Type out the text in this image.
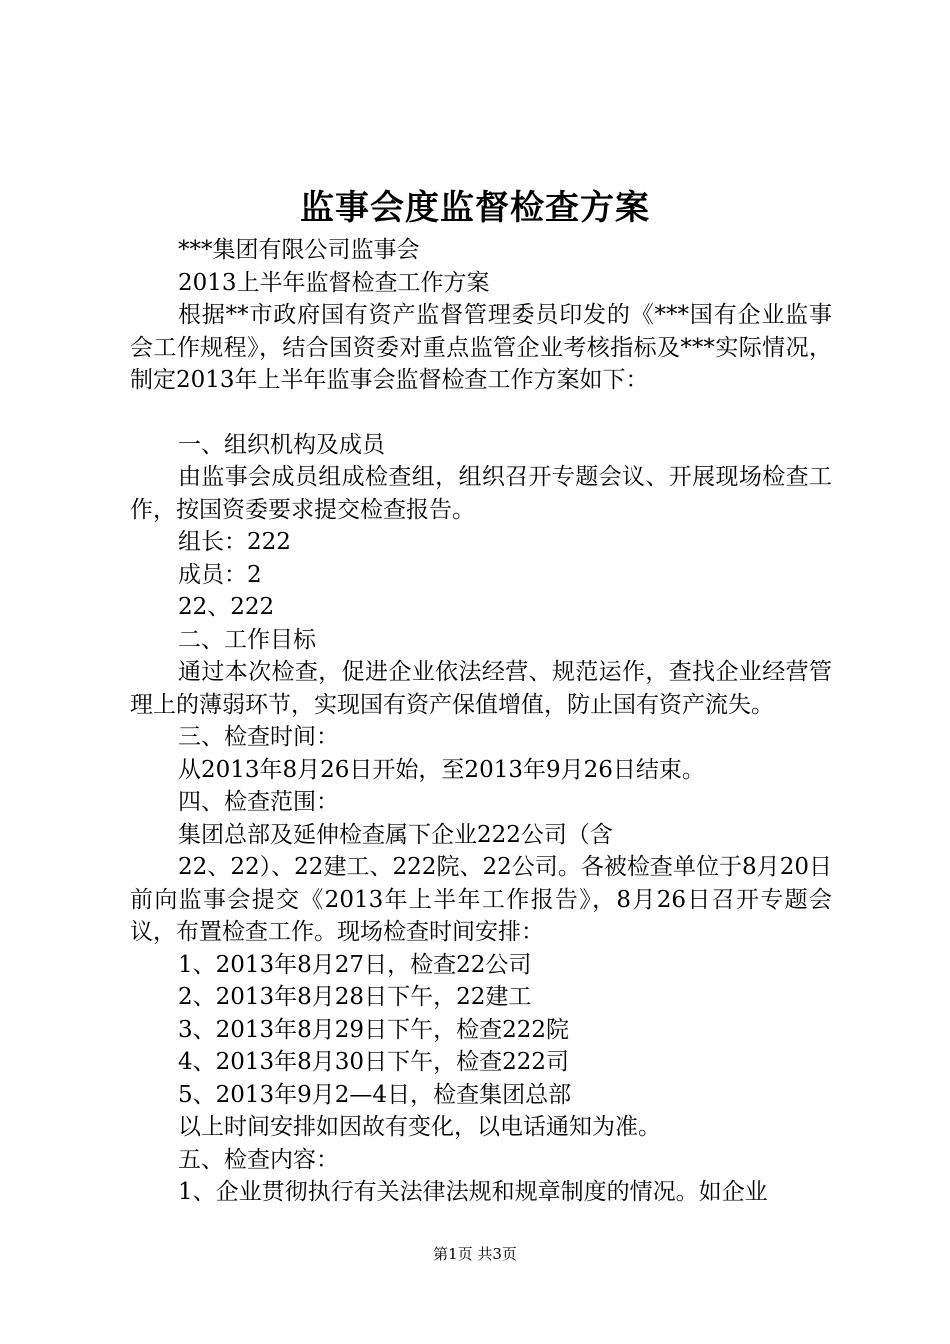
监事会度监督检查方案

***集团有限公司监事会

2013上半年监督检查工作方案

根据**市政府国有资产监督管理委员印发的《***国有企业监事会工作规程》，结合国资委对重点监管企业考核指标及***实际情况，制定2013年上半年监事会监督检查工作方案如下：

一、组织机构及成员

由监事会成员组成检查组，组织召开专题会议、开展现场检查工作，按国资委要求提交检查报告。

组长：222

成员：2

22、222

二、工作目标

通过本次检查，促进企业依法经营、规范运作，查找企业经营管理上的薄弱环节，实现国有资产保值增值，防止国有资产流失。

三、检查时间：

从2013年8月26日开始，至2013年9月26日结束。

四、检查范围：

集团总部及延伸检查属下企业222公司（含

22、22）、22建工、222院、22公司。各被检查单位于8月20日前向监事会提交《2013年上半年工作报告》，8月26日召开专题会议，布置检查工作。现场检查时间安排：

1、2013年8月27日，检查22公司

2、2013年8月28日下午，22建工

3、2013年8月29日下午，检查222院

4、2013年8月30日下午，检查222司

5、2013年9月2—4日，检查集团总部

以上时间安排如因故有变化，以电话通知为准。

五、检查内容：

1、企业贯彻执行有关法律法规和规章制度的情况。如企业

第1页 共3页
